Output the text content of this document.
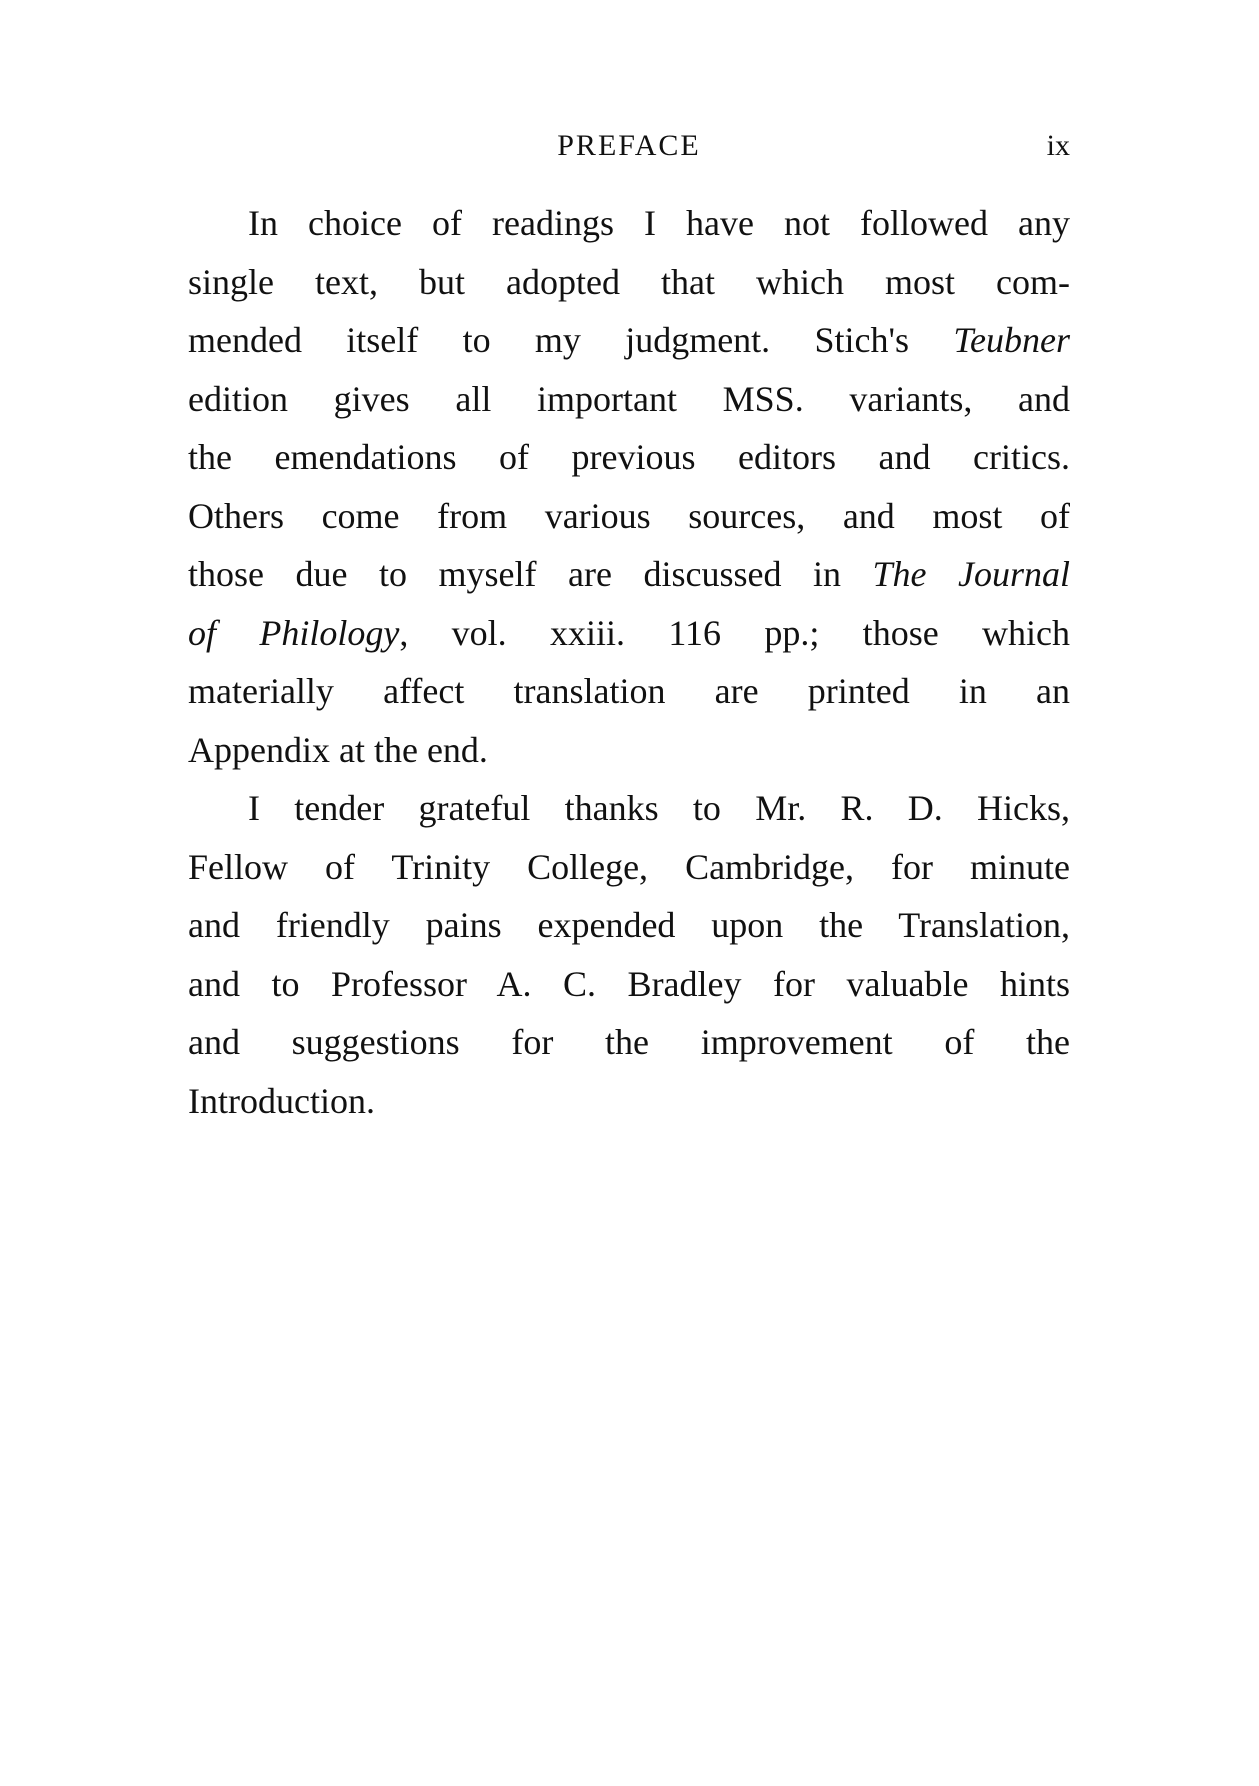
PREFACE	ix
In choice of readings I have not followed any
single text, but adopted that which most com-
mended itself to my judgment. Stich's Teubner
edition gives all important MSS. variants, and
the emendations of previous editors and critics.
Others come from various sources, and most of
those due to myself are discussed in The Journal
of Philology, vol. xxiii. 116 pp.; those which
materially affect translation are printed in an
Appendix at the end.
I tender grateful thanks to Mr. R. D. Hicks,
Fellow of Trinity College, Cambridge, for minute
and friendly pains expended upon the Translation,
and to Professor A. C. Bradley for valuable hints
and suggestions for the improvement of the
Introduction.
